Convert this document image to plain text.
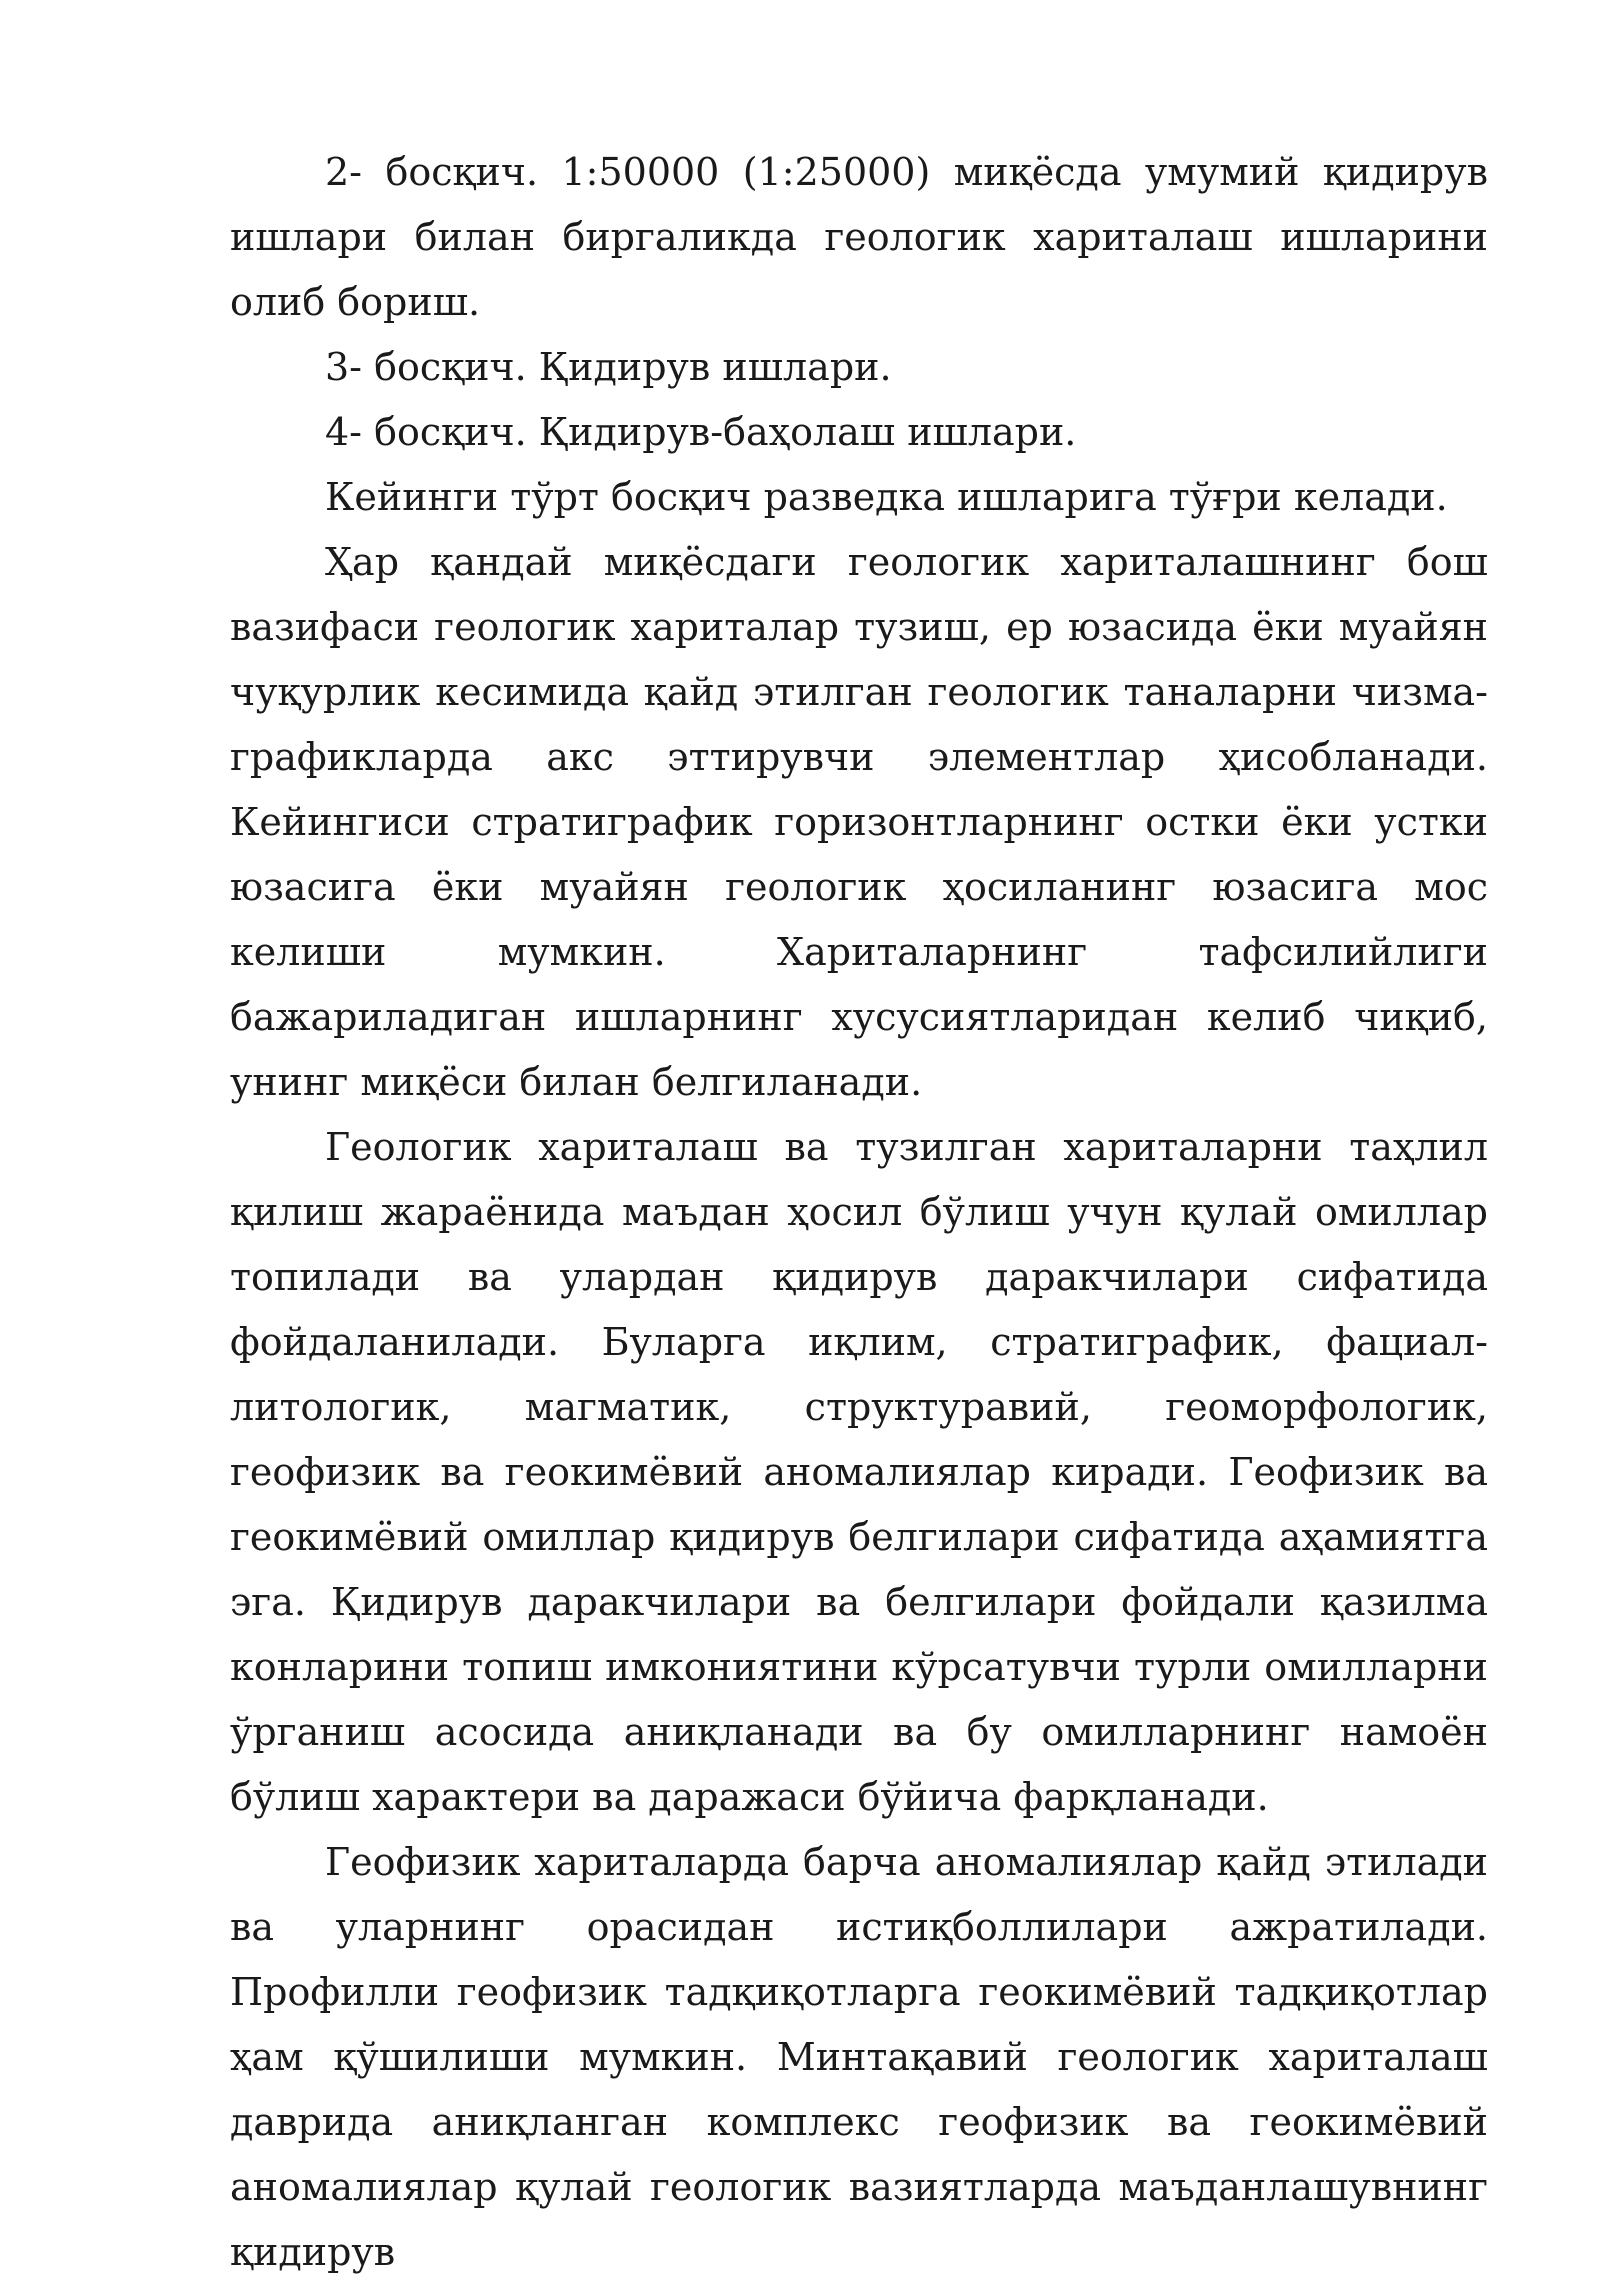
2- босқич. 1:50000 (1:25000) миқёсда умумий қидирув ишлари билан биргаликда геологик хариталаш ишларини олиб бориш.

3- босқич. Қидирув ишлари.

4- босқич. Қидирув-баҳолаш ишлари.

Кейинги тўрт босқич разведка ишларига тўғри келади.

Ҳар қандай миқёсдаги геологик хариталашнинг бош вазифаси геологик хариталар тузиш, ер юзасида ёки муайян чуқурлик кесимида қайд этилган геологик таналарни чизма-графикларда акс эттирувчи элементлар ҳисобланади. Кейингиси стратиграфик горизонтларнинг остки ёки устки юзасига ёки муайян геологик ҳосиланинг юзасига мос келиши мумкин. Хариталарнинг тафсилийлиги бажариладиган ишларнинг хусусиятларидан келиб чиқиб, унинг миқёси билан белгиланади.

Геологик хариталаш ва тузилган хариталарни таҳлил қилиш жараёнида маъдан ҳосил бўлиш учун қулай омиллар топилади ва улардан қидирув даракчилари сифатида фойдаланилади. Буларга иқлим, стратиграфик, фациал-литологик, магматик, структуравий, геоморфологик, геофизик ва геокимёвий аномалиялар киради. Геофизик ва геокимёвий омиллар қидирув белгилари сифатида аҳамиятга эга. Қидирув даракчилари ва белгилари фойдали қазилма конларини топиш имкониятини кўрсатувчи турли омилларни ўрганиш асосида аниқланади ва бу омилларнинг намоён бўлиш характери ва даражаси бўйича фарқланади.

Геофизик хариталарда барча аномалиялар қайд этилади ва уларнинг орасидан истиқболлилари ажратилади. Профилли геофизик тадқиқотларга геокимёвий тадқиқотлар ҳам қўшилиши мумкин. Минтақавий геологик хариталаш даврида аниқланган комплекс геофизик ва геокимёвий аномалиялар қулай геологик вазиятларда маъданлашувнинг қидирув
